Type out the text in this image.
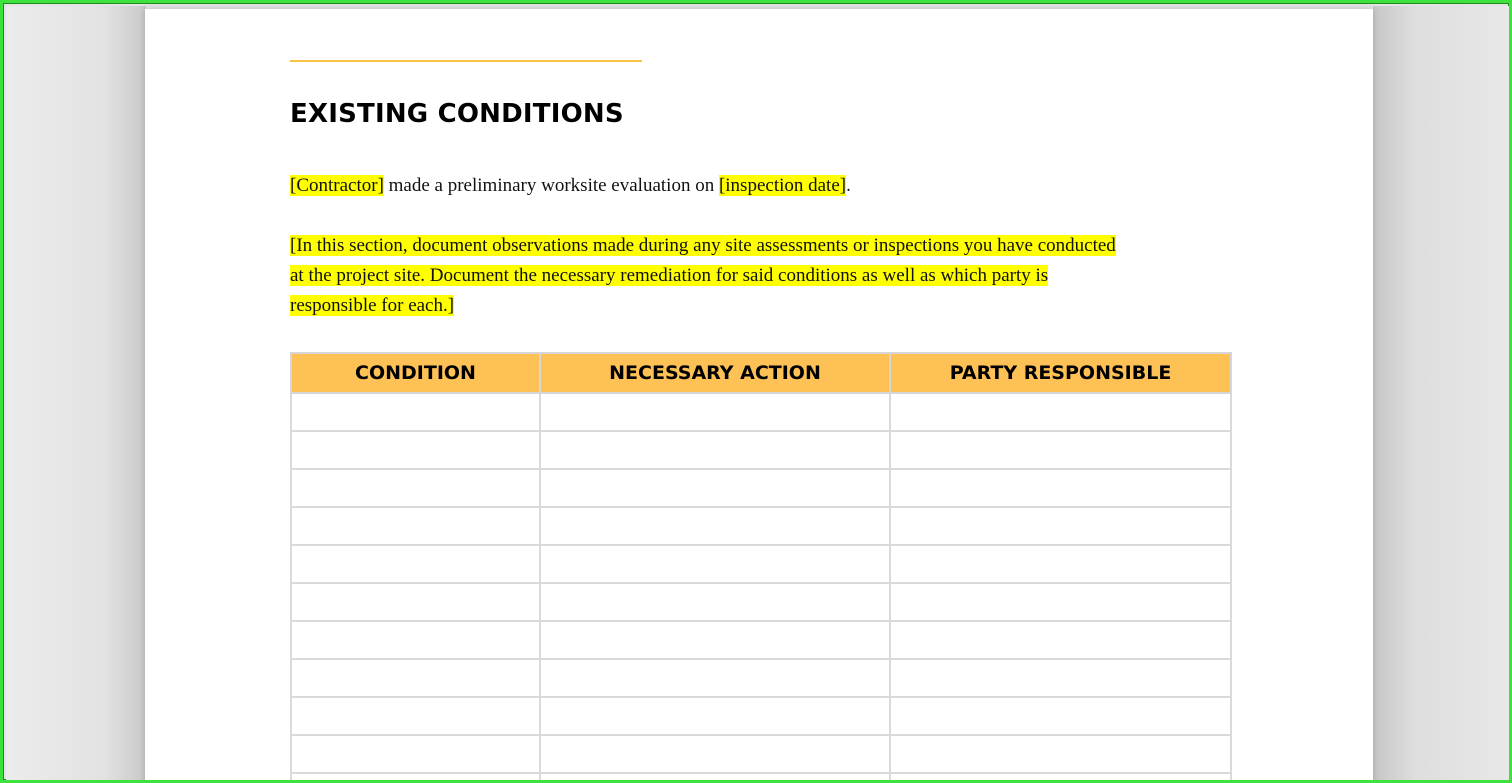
EXISTING CONDITIONS

[Contractor] made a preliminary worksite evaluation on [inspection date].

[In this section, document observations made during any site assessments or inspections you have conducted
at the project site. Document the necessary remediation for said conditions as well as which party is
responsible for each.]

CONDITION	NECESSARY ACTION	PARTY RESPONSIBLE
